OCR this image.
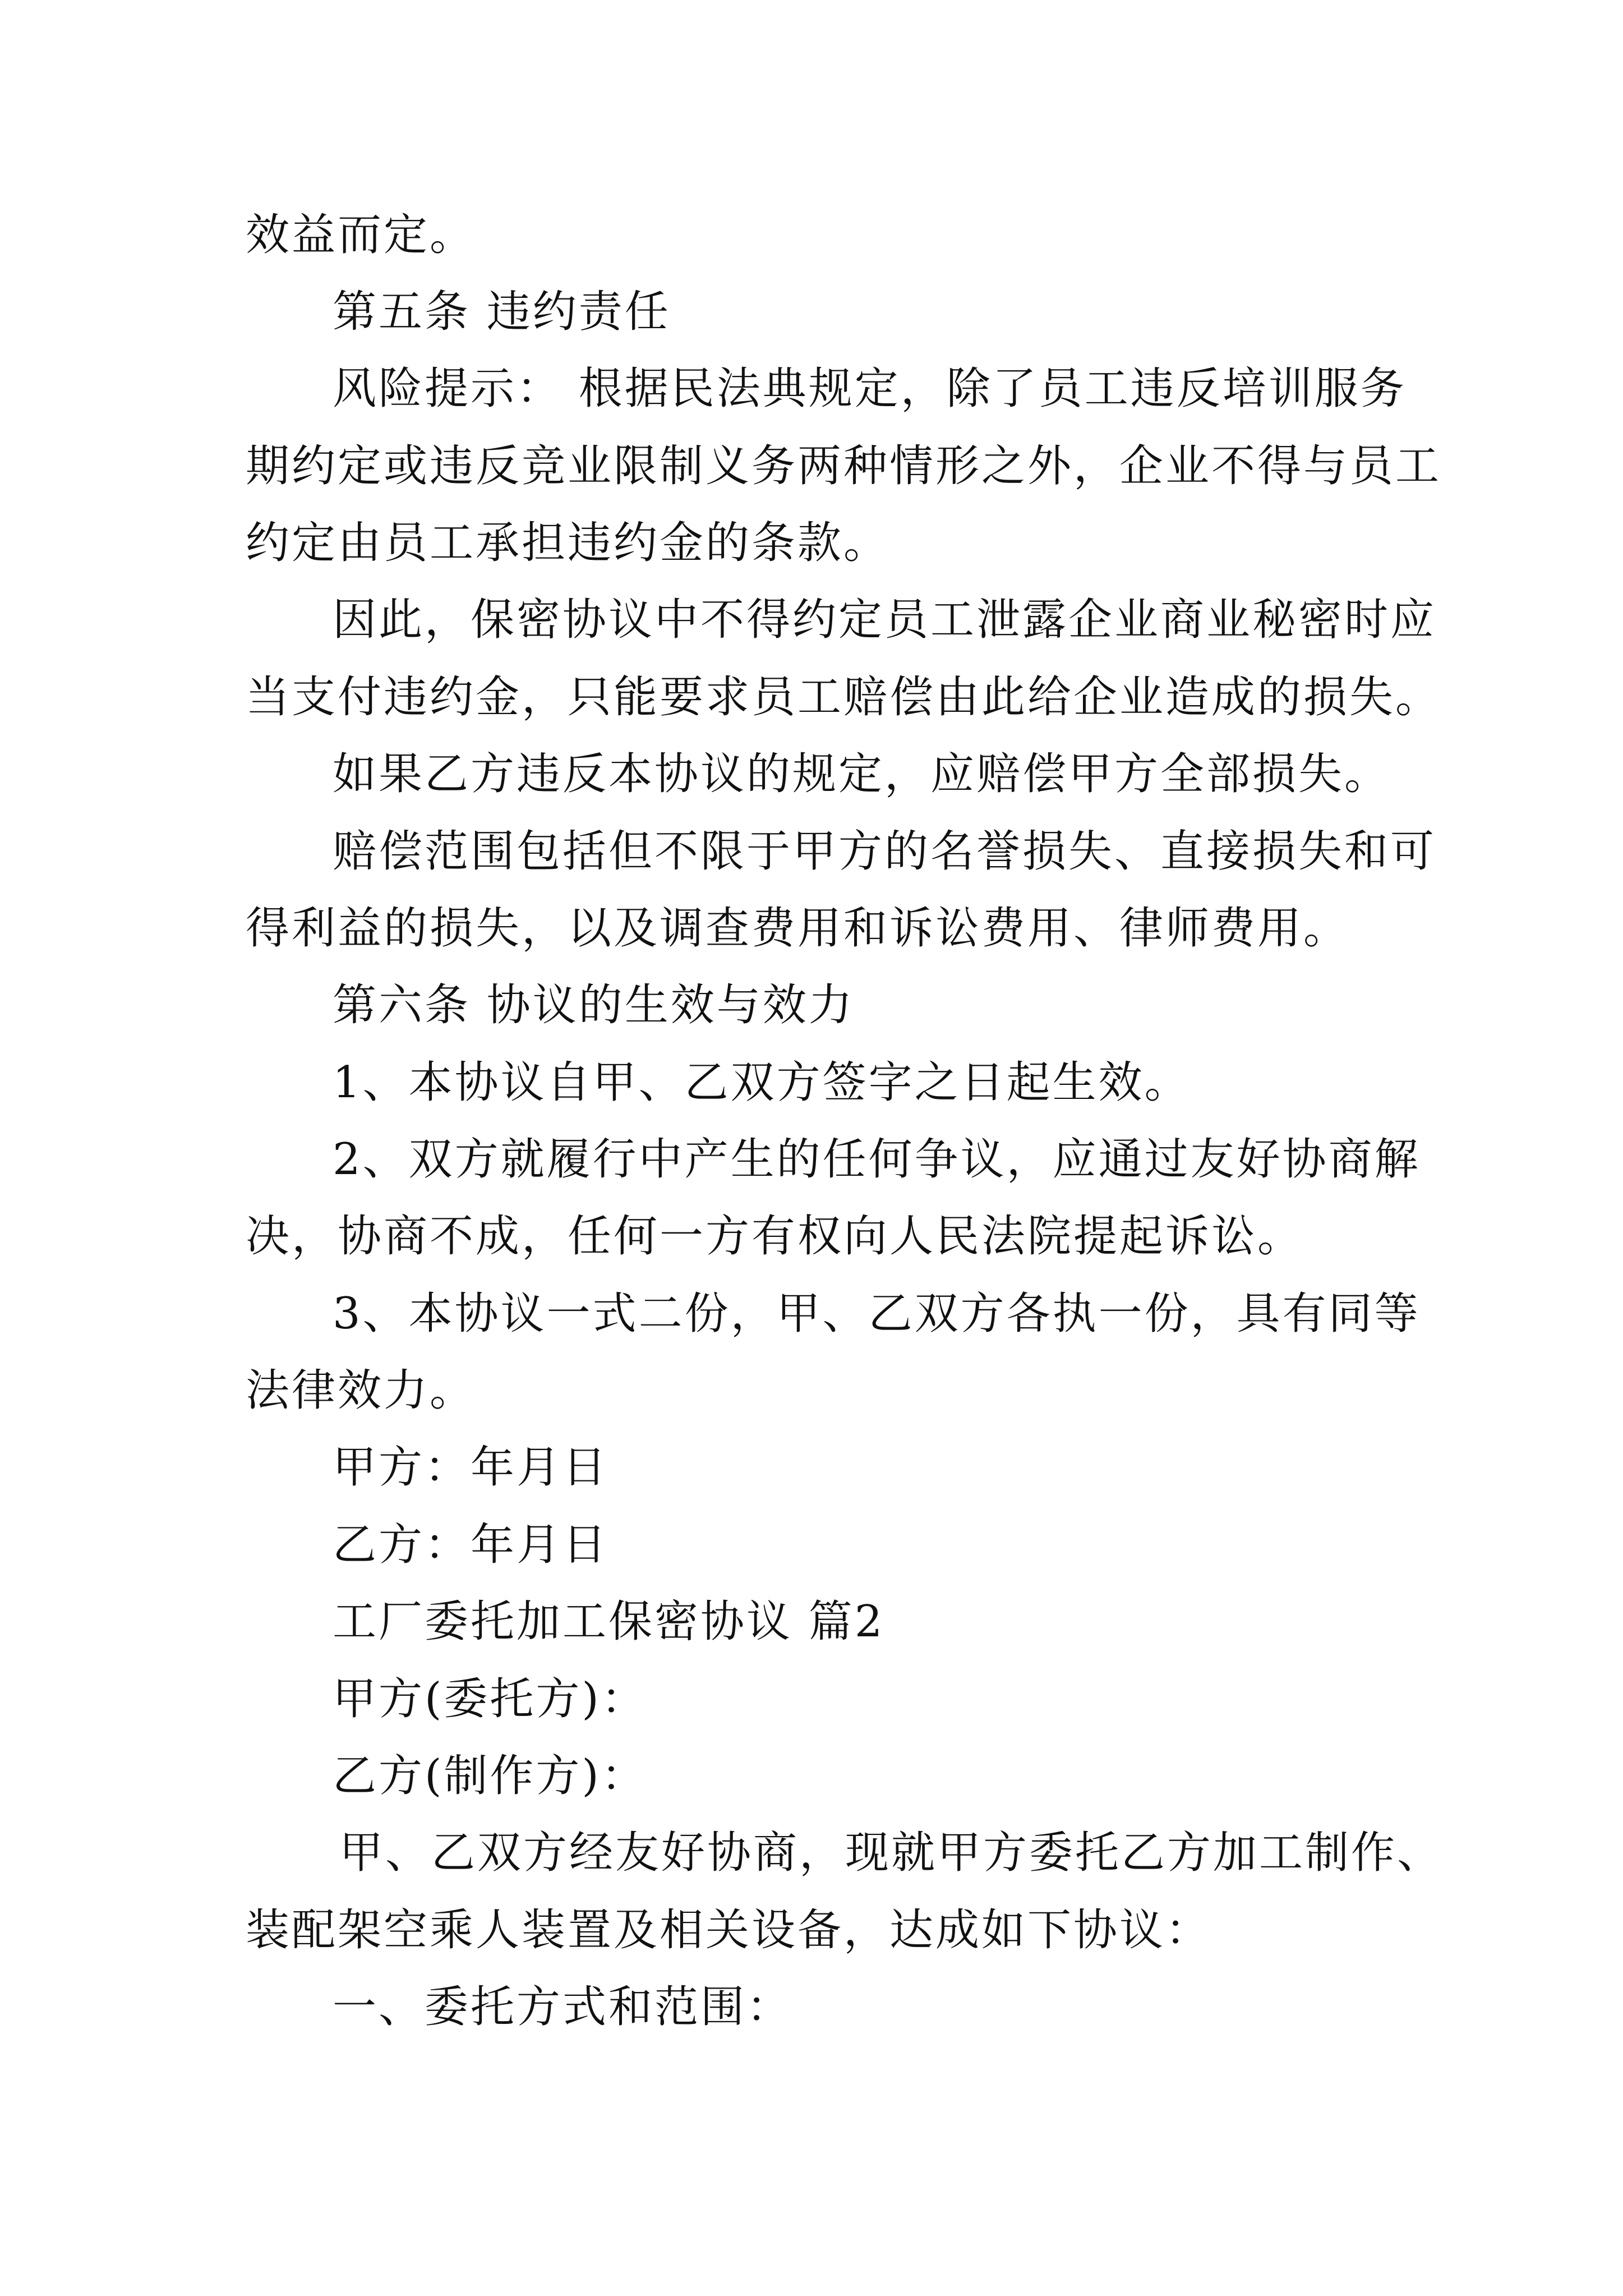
效益而定。
第五条 违约责任
风险提示： 根据民法典规定，除了员工违反培训服务
期约定或违反竞业限制义务两种情形之外，企业不得与员工
约定由员工承担违约金的条款。
因此，保密协议中不得约定员工泄露企业商业秘密时应
当支付违约金，只能要求员工赔偿由此给企业造成的损失。
如果乙方违反本协议的规定，应赔偿甲方全部损失。
赔偿范围包括但不限于甲方的名誉损失、直接损失和可
得利益的损失，以及调查费用和诉讼费用、律师费用。
第六条 协议的生效与效力
1、本协议自甲、乙双方签字之日起生效。
2、双方就履行中产生的任何争议，应通过友好协商解
决，协商不成，任何一方有权向人民法院提起诉讼。
3、本协议一式二份，甲、乙双方各执一份，具有同等
法律效力。
甲方：年月日
乙方：年月日
工厂委托加工保密协议 篇2
甲方(委托方)：
乙方(制作方)：
甲、乙双方经友好协商，现就甲方委托乙方加工制作、
装配架空乘人装置及相关设备，达成如下协议：
一、委托方式和范围：
